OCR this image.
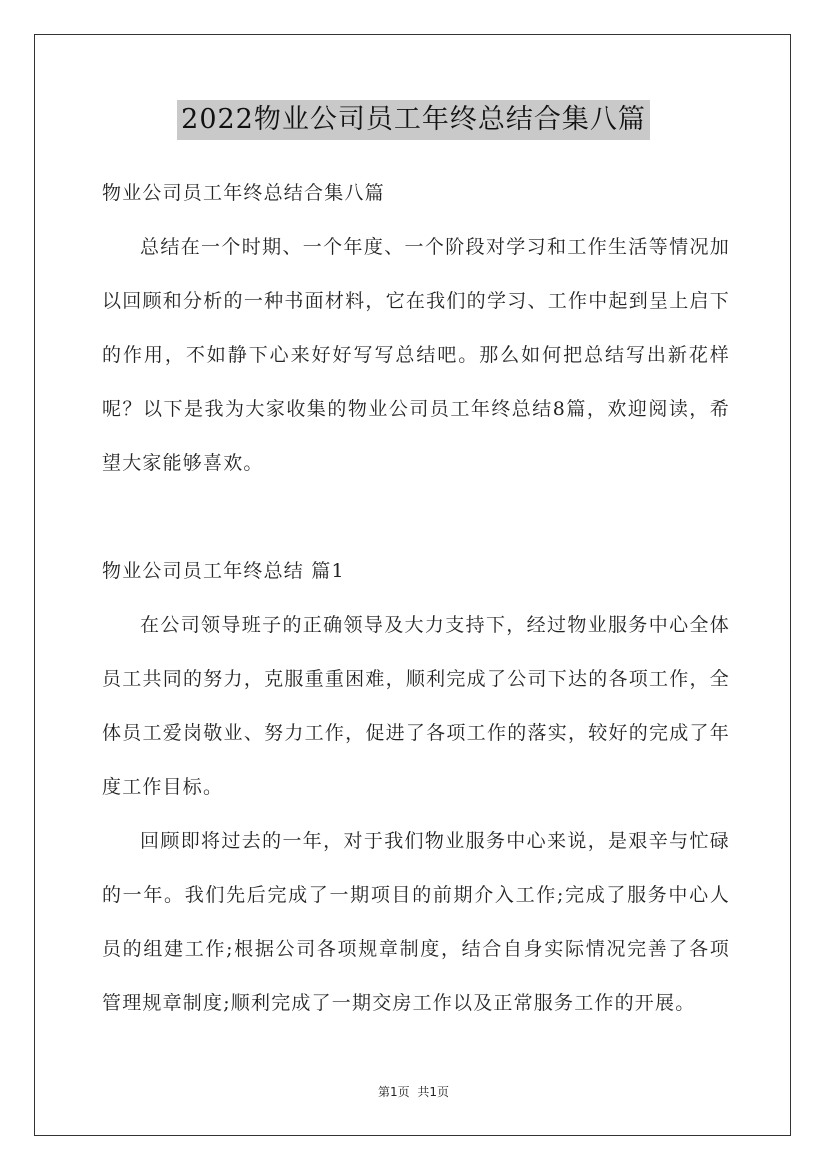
2022物业公司员工年终总结合集八篇

物业公司员工年终总结合集八篇

总结在一个时期、一个年度、一个阶段对学习和工作生活等情况加以回顾和分析的一种书面材料，它在我们的学习、工作中起到呈上启下的作用，不如静下心来好好写写总结吧。那么如何把总结写出新花样呢？以下是我为大家收集的物业公司员工年终总结8篇，欢迎阅读，希望大家能够喜欢。

物业公司员工年终总结 篇1

在公司领导班子的正确领导及大力支持下，经过物业服务中心全体员工共同的努力，克服重重困难，顺利完成了公司下达的各项工作，全体员工爱岗敬业、努力工作，促进了各项工作的落实，较好的完成了年度工作目标。

回顾即将过去的一年，对于我们物业服务中心来说，是艰辛与忙碌的一年。我们先后完成了一期项目的前期介入工作;完成了服务中心人员的组建工作;根据公司各项规章制度，结合自身实际情况完善了各项管理规章制度;顺利完成了一期交房工作以及正常服务工作的开展。

第1页 共1页
